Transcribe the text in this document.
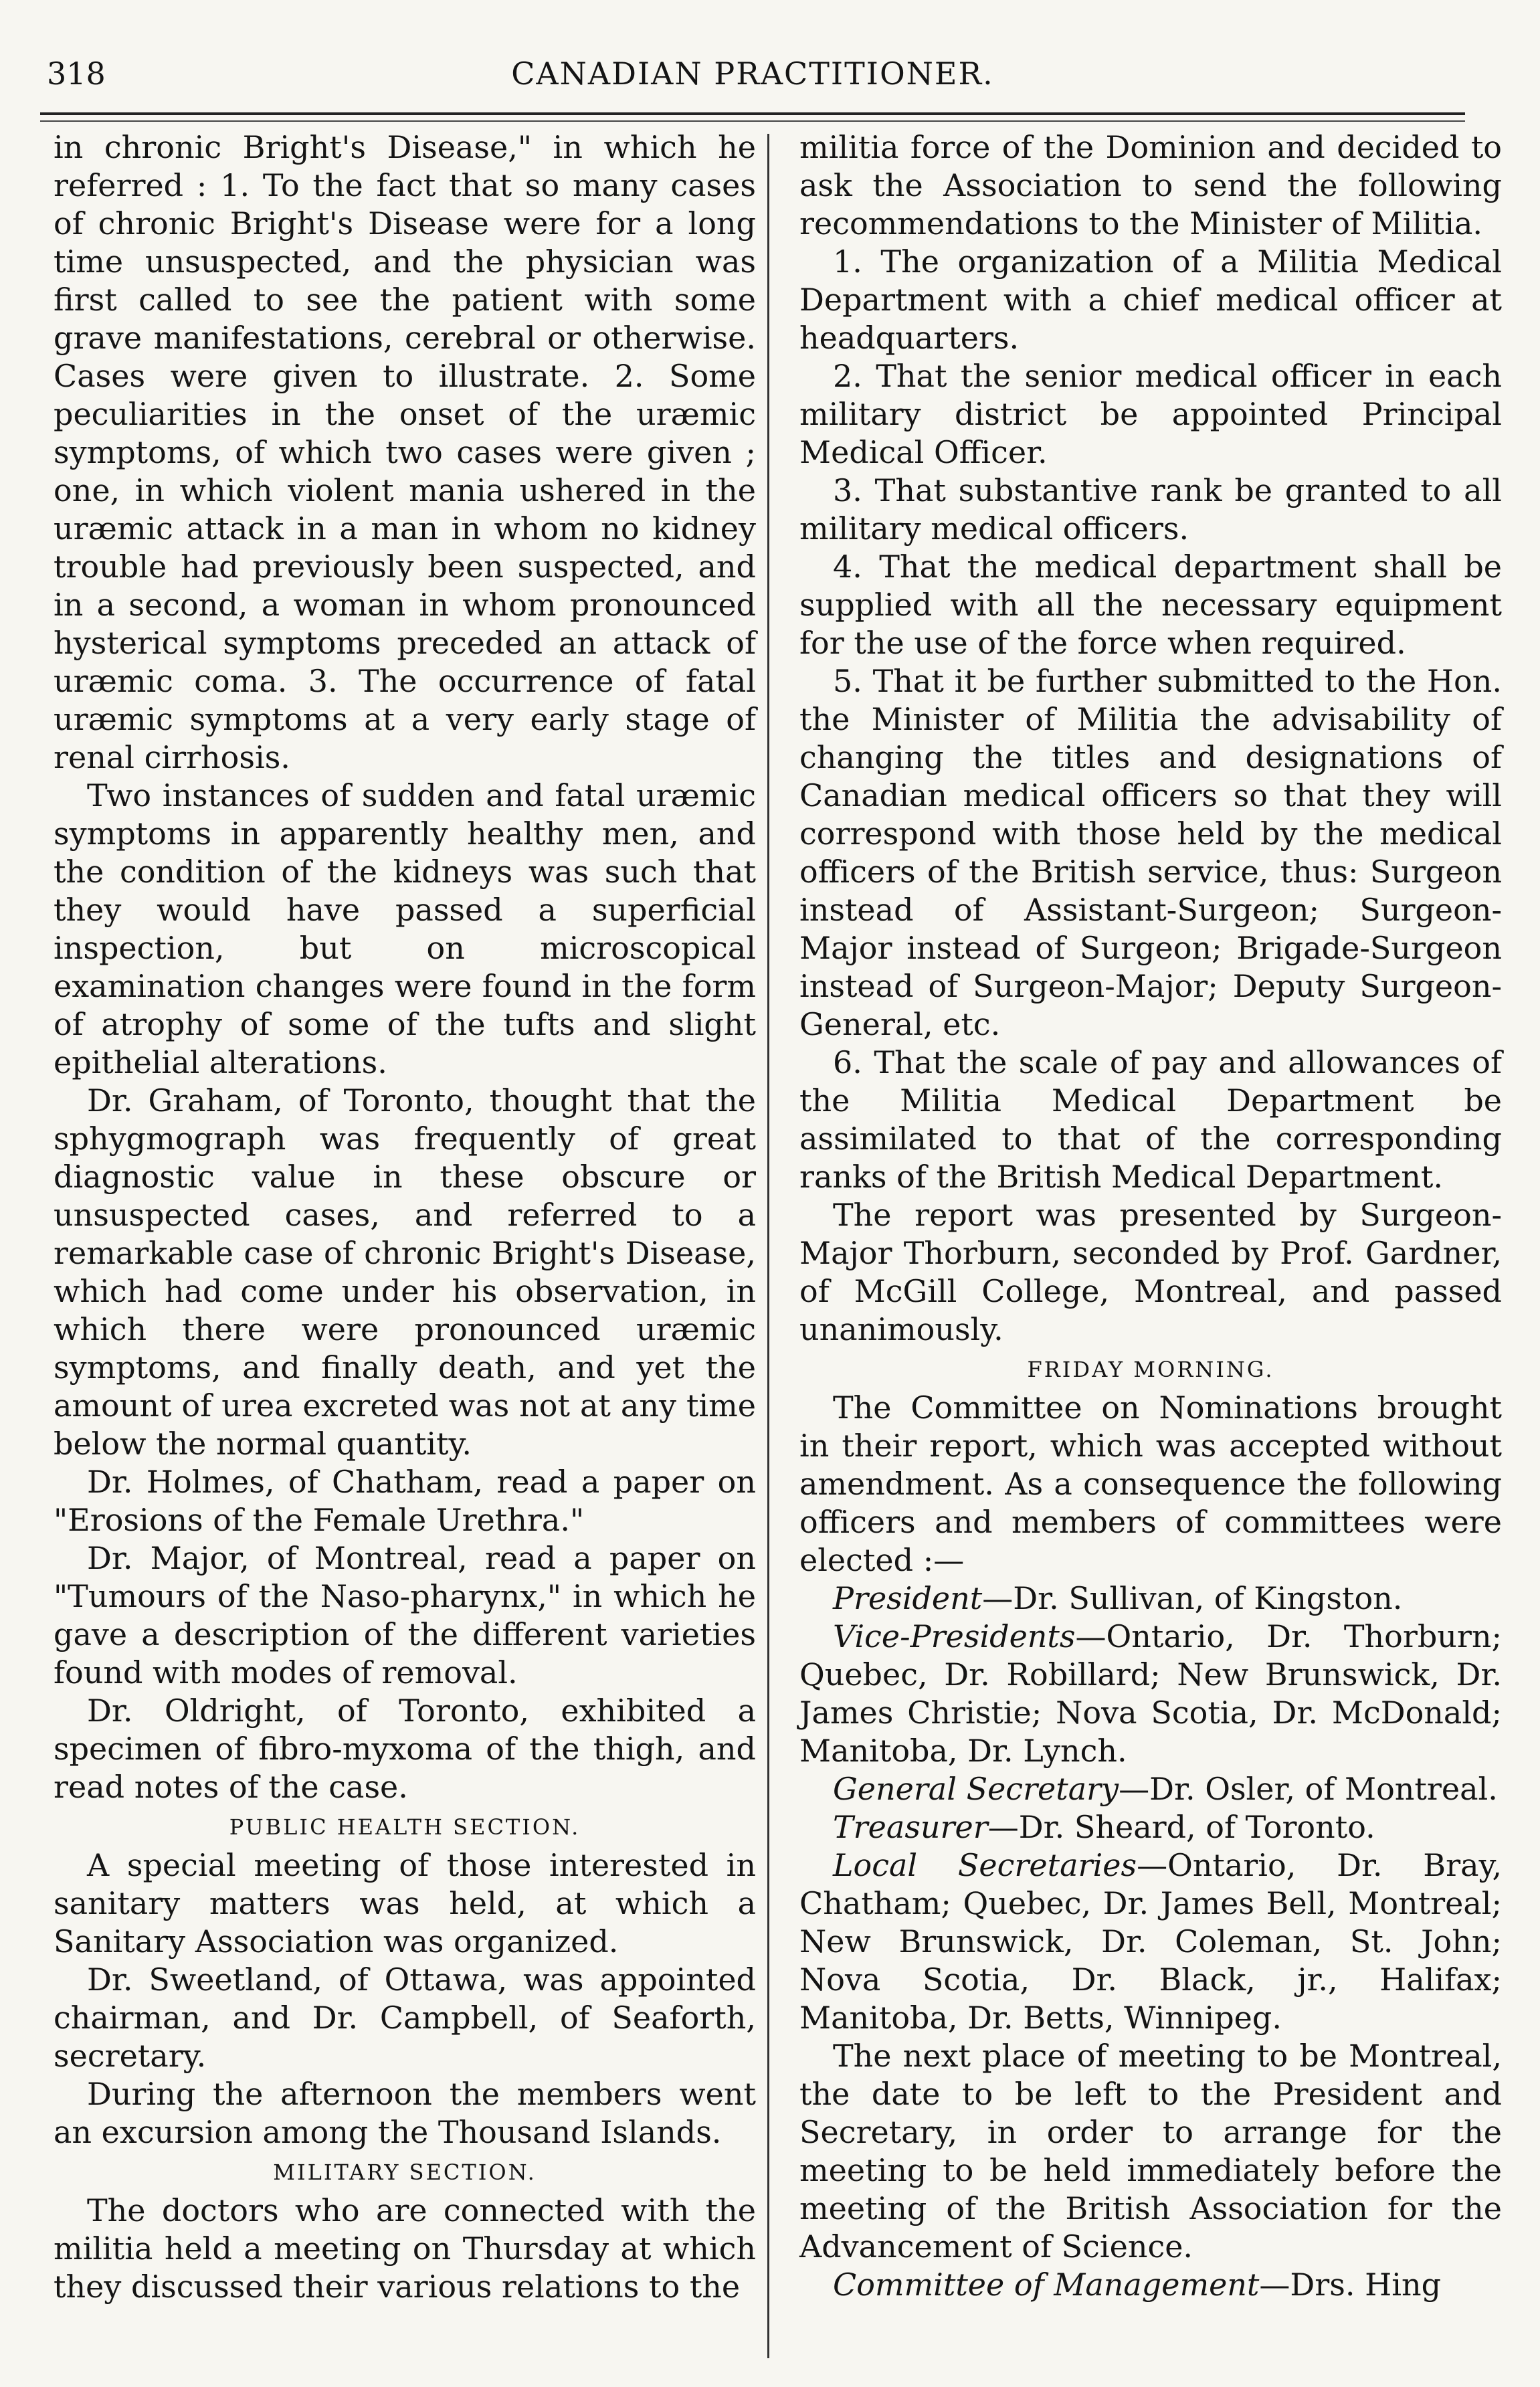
318	CANADIAN PRACTITIONER.

in chronic Bright's Disease," in which he referred : 1. To the fact that so many cases of chronic Bright's Disease were for a long time unsuspected, and the physician was first called to see the patient with some grave manifestations, cerebral or otherwise. Cases were given to illustrate. 2. Some peculiarities in the onset of the uræmic symptoms, of which two cases were given ; one, in which violent mania ushered in the uræmic attack in a man in whom no kidney trouble had previously been suspected, and in a second, a woman in whom pronounced hysterical symptoms preceded an attack of uræmic coma. 3. The occurrence of fatal uræmic symptoms at a very early stage of renal cirrhosis.

Two instances of sudden and fatal uræmic symptoms in apparently healthy men, and the condition of the kidneys was such that they would have passed a superficial inspection, but on microscopical examination changes were found in the form of atrophy of some of the tufts and slight epithelial alterations.

Dr. Graham, of Toronto, thought that the sphygmograph was frequently of great diagnostic value in these obscure or unsuspected cases, and referred to a remarkable case of chronic Bright's Disease, which had come under his observation, in which there were pronounced uræmic symptoms, and finally death, and yet the amount of urea excreted was not at any time below the normal quantity.

Dr. Holmes, of Chatham, read a paper on "Erosions of the Female Urethra."

Dr. Major, of Montreal, read a paper on "Tumours of the Naso-pharynx," in which he gave a description of the different varieties found with modes of removal.

Dr. Oldright, of Toronto, exhibited a specimen of fibro-myxoma of the thigh, and read notes of the case.

PUBLIC HEALTH SECTION.

A special meeting of those interested in sanitary matters was held, at which a Sanitary Association was organized.

Dr. Sweetland, of Ottawa, was appointed chairman, and Dr. Campbell, of Seaforth, secretary.

During the afternoon the members went an excursion among the Thousand Islands.

MILITARY SECTION.

The doctors who are connected with the militia held a meeting on Thursday at which they discussed their various relations to the

militia force of the Dominion and decided to ask the Association to send the following recommendations to the Minister of Militia.

1. The organization of a Militia Medical Department with a chief medical officer at headquarters.

2. That the senior medical officer in each military district be appointed Principal Medical Officer.

3. That substantive rank be granted to all military medical officers.

4. That the medical department shall be supplied with all the necessary equipment for the use of the force when required.

5. That it be further submitted to the Hon. the Minister of Militia the advisability of changing the titles and designations of Canadian medical officers so that they will correspond with those held by the medical officers of the British service, thus: Surgeon instead of Assistant-Surgeon; Surgeon-Major instead of Surgeon; Brigade-Surgeon instead of Surgeon-Major; Deputy Surgeon-General, etc.

6. That the scale of pay and allowances of the Militia Medical Department be assimilated to that of the corresponding ranks of the British Medical Department.

The report was presented by Surgeon-Major Thorburn, seconded by Prof. Gardner, of McGill College, Montreal, and passed unanimously.

FRIDAY MORNING.

The Committee on Nominations brought in their report, which was accepted without amendment. As a consequence the following officers and members of committees were elected :—

President—Dr. Sullivan, of Kingston.

Vice-Presidents—Ontario, Dr. Thorburn; Quebec, Dr. Robillard; New Brunswick, Dr. James Christie; Nova Scotia, Dr. McDonald; Manitoba, Dr. Lynch.

General Secretary—Dr. Osler, of Montreal.

Treasurer—Dr. Sheard, of Toronto.

Local Secretaries—Ontario, Dr. Bray, Chatham; Quebec, Dr. James Bell, Montreal; New Brunswick, Dr. Coleman, St. John; Nova Scotia, Dr. Black, jr., Halifax; Manitoba, Dr. Betts, Winnipeg.

The next place of meeting to be Montreal, the date to be left to the President and Secretary, in order to arrange for the meeting to be held immediately before the meeting of the British Association for the Advancement of Science.

Committee of Management—Drs. Hing
